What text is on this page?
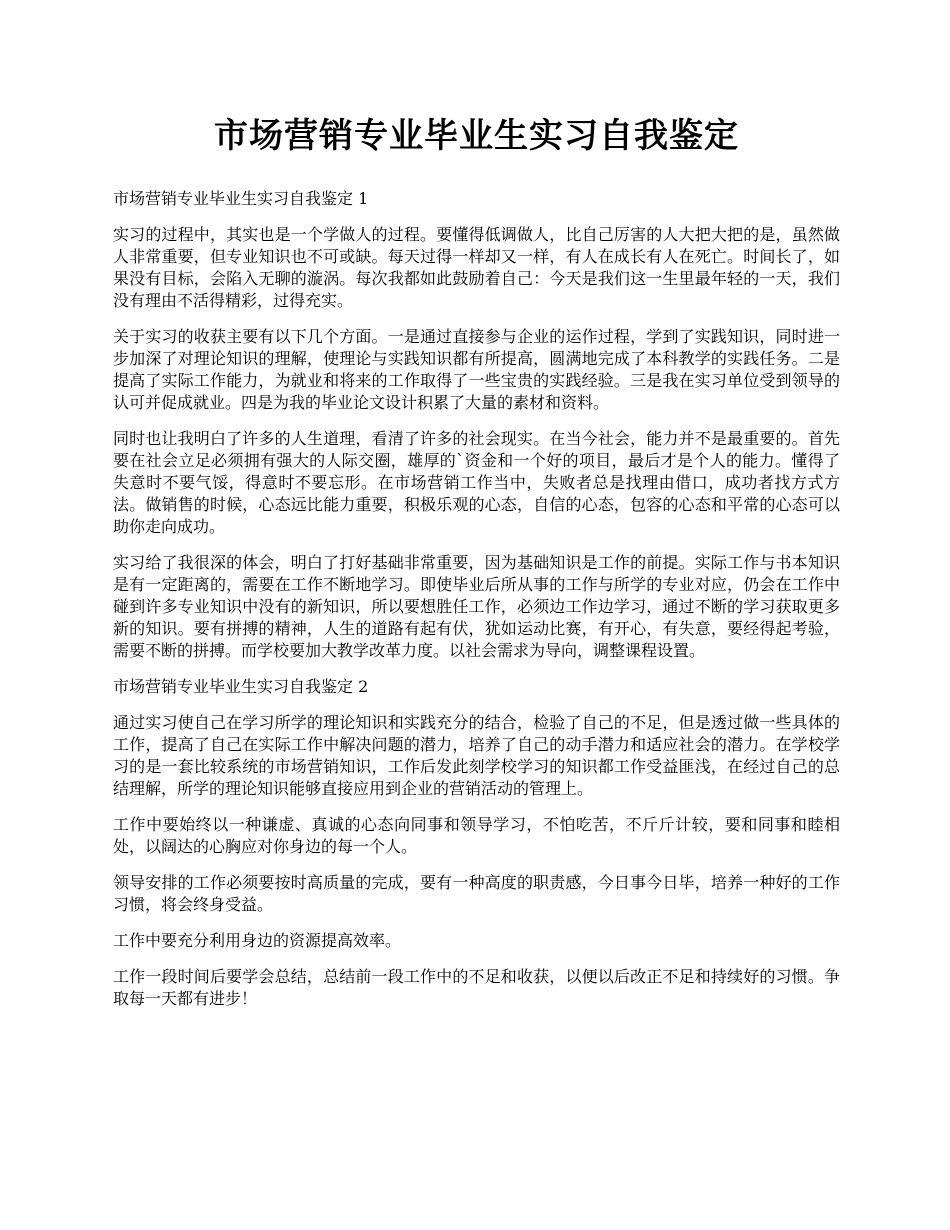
市场营销专业毕业生实习自我鉴定

市场营销专业毕业生实习自我鉴定 1

实习的过程中，其实也是一个学做人的过程。要懂得低调做人，比自己厉害的人大把大把的是，虽然做人非常重要，但专业知识也不可或缺。每天过得一样却又一样，有人在成长有人在死亡。时间长了，如果没有目标，会陷入无聊的漩涡。每次我都如此鼓励着自己：今天是我们这一生里最年轻的一天，我们没有理由不活得精彩，过得充实。

关于实习的收获主要有以下几个方面。一是通过直接参与企业的运作过程，学到了实践知识，同时进一步加深了对理论知识的理解，使理论与实践知识都有所提高，圆满地完成了本科教学的实践任务。二是提高了实际工作能力，为就业和将来的工作取得了一些宝贵的实践经验。三是我在实习单位受到领导的认可并促成就业。四是为我的毕业论文设计积累了大量的素材和资料。

同时也让我明白了许多的人生道理，看清了许多的社会现实。在当今社会，能力并不是最重要的。首先要在社会立足必须拥有强大的人际交圈，雄厚的`资金和一个好的项目，最后才是个人的能力。懂得了失意时不要气馁，得意时不要忘形。在市场营销工作当中，失败者总是找理由借口，成功者找方式方法。做销售的时候，心态远比能力重要，积极乐观的心态，自信的心态，包容的心态和平常的心态可以助你走向成功。

实习给了我很深的体会，明白了打好基础非常重要，因为基础知识是工作的前提。实际工作与书本知识是有一定距离的，需要在工作不断地学习。即使毕业后所从事的工作与所学的专业对应，仍会在工作中碰到许多专业知识中没有的新知识，所以要想胜任工作，必须边工作边学习，通过不断的学习获取更多新的知识。要有拼搏的精神，人生的道路有起有伏，犹如运动比赛，有开心，有失意，要经得起考验，需要不断的拼搏。而学校要加大教学改革力度。以社会需求为导向，调整课程设置。

市场营销专业毕业生实习自我鉴定 2

通过实习使自己在学习所学的理论知识和实践充分的结合，检验了自己的不足，但是透过做一些具体的工作，提高了自己在实际工作中解决问题的潜力，培养了自己的动手潜力和适应社会的潜力。在学校学习的是一套比较系统的市场营销知识，工作后发此刻学校学习的知识都工作受益匪浅，在经过自己的总结理解，所学的理论知识能够直接应用到企业的营销活动的管理上。

工作中要始终以一种谦虚、真诚的心态向同事和领导学习，不怕吃苦，不斤斤计较，要和同事和睦相处，以阔达的心胸应对你身边的每一个人。

领导安排的工作必须要按时高质量的完成，要有一种高度的职责感，今日事今日毕，培养一种好的工作习惯，将会终身受益。

工作中要充分利用身边的资源提高效率。

工作一段时间后要学会总结，总结前一段工作中的不足和收获，以便以后改正不足和持续好的习惯。争取每一天都有进步！
